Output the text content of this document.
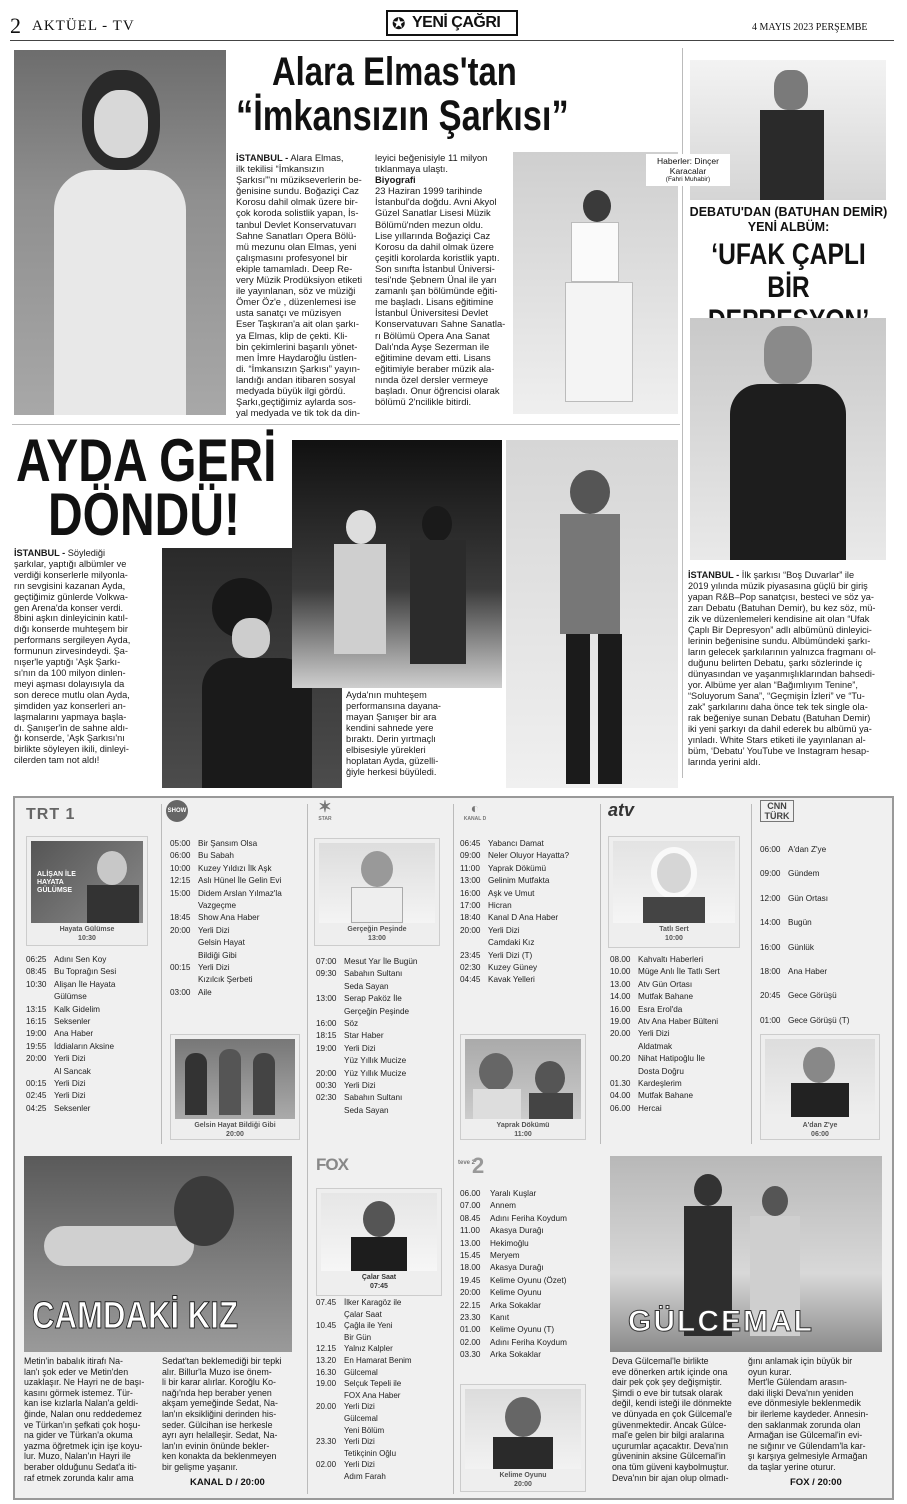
2 AKTÜEL - TV	✪ YENİ ÇAĞRI	4 MAYIS 2023 PERŞEMBE
Alara Elmas'tan
“İmkansızın Şarkısı”
İSTANBUL - Alara Elmas,
ilk tekilisi “İmkansızın
Şarkısı”'nı müzikseverlerin be-
ğenisine sundu. Boğaziçi Caz
Korosu dahil olmak üzere bir-
çok koroda solistlik yapan, İs-
tanbul Devlet Konservatuvarı
Sahne Sanatları Opera Bölü-
mü mezunu olan Elmas, yeni
çalışmasını profesyonel bir
ekiple tamamladı. Deep Re-
very Müzik Prodüksiyon etiketi
ile yayınlanan, söz ve müziği
Ömer Öz'e , düzenlemesi ise
usta sanatçı ve müzisyen
Eser Taşkıran'a ait olan şarkı-
ya Elmas, klip de çekti. Kli-
bin çekimlerini başarılı yönet-
men İmre Haydaroğlu üstlen-
di. “İmkansızın Şarkısı” yayın-
landığı andan itibaren sosyal
medyada büyük ilgi gördü.
Şarkı,geçtiğimiz aylarda sos-
yal medyada ve tik tok da din-
leyici beğenisiyle 11 milyon
tıklanmaya ulaştı.
Biyografi
23 Haziran 1999 tarihinde
İstanbul'da doğdu. Avni Akyol
Güzel Sanatlar Lisesi Müzik
Bölümü'nden mezun oldu.
Lise yıllarında Boğaziçi Caz
Korosu da dahil olmak üzere
çeşitli korolarda koristlik yaptı.
Son sınıfta İstanbul Üniversi-
tesi'nde Şebnem Ünal ile yarı
zamanlı şan bölümünde eğiti-
me başladı. Lisans eğitimine
İstanbul Üniversitesi Devlet
Konservatuvarı Sahne Sanatla-
rı Bölümü Opera Ana Sanat
Dalı'nda Ayşe Sezerman ile
eğitimine devam etti. Lisans
eğitimiyle beraber müzik ala-
nında özel dersler vermeye
başladı. Onur öğrencisi olarak
bölümü 2'ncilikle bitirdi.
Haberler: Dinçer
Karacalar
(Fahri Muhabir)
DEBATU'DAN (BATUHAN DEMİR)
YENİ ALBÜM:
‘UFAK ÇAPLI BİR
İSTANBUL - İlk şarkısı “Boş Duvarlar” ile
2019 yılında müzik piyasasına güçlü bir giriş
yapan R&B–Pop sanatçısı, besteci ve söz ya-
zarı Debatu (Batuhan Demir), bu kez söz, mü-
zik ve düzenlemeleri kendisine ait olan “Ufak
Çaplı Bir Depresyon” adlı albümünü dinleyici-
lerinin beğenisine sundu. Albümündeki şarkı-
ların gelecek şarkılarının yalnızca fragmanı ol-
duğunu belirten Debatu, şarkı sözlerinde iç
dünyasından ve yaşanmışlıklarından bahsedi-
yor. Albüme yer alan “Bağımlıyım Tenine”,
“Soluyorum Sana”, “Geçmişin İzleri” ve “Tu-
zak” şarkılarını daha önce tek tek single ola-
rak beğeniye sunan Debatu (Batuhan Demir)
iki yeni şarkıyı da dahil ederek bu albümü ya-
yınladı. White Stars etiketi ile yayınlanan al-
büm, ‘Debatu’ YouTube ve Instagram hesap-
larında yerini aldı.
AYDA GERİ
DÖNDÜ!
İSTANBUL - Söylediği
şarkılar, yaptığı albümler ve
verdiği konserlerle milyonla-
rın sevgisini kazanan Ayda,
geçtiğimiz günlerde Volkwa-
gen Arena'da konser verdi.
8bini aşkın dinleyicinin katıl-
dığı konserde muhteşem bir
performans sergileyen Ayda,
formunun zirvesindeydi. Şa-
nışer'le yaptığı 'Aşk Şarkı-
sı'nın da 100 milyon dinlen-
meyi aşması dolayısıyla da
son derece mutlu olan Ayda,
şimdiden yaz konserleri an-
laşmalarını yapmaya başla-
dı. Şanışer'in de sahne aldı-
ğı konserde, 'Aşk Şarkısı'nı
birlikte söyleyen ikili, dinleyi-
cilerden tam not aldı!
Ayda'nın muhteşem
performansına dayana-
mayan Şanışer bir ara
kendini sahnede yere
bıraktı. Derin yırtmaçlı
elbisesiyle yürekleri
hoplatan Ayda, güzelli-
ğiyle herkesi büyüledi.
TRT 1	SHOW	✶
STAR
◐
KANAL D	atv	CNN TÜRK
ALİŞAN İLE HAYATA GÜLÜMSE
Hayata Gülümse
10:30
06:25 Adını Sen Koy
08:45 Bu Toprağın Sesi
10:30 Alişan İle Hayata
Gülümse
13:15 Kalk Gidelim
16:15 Seksenler
19:00 Ana Haber
19:55 İddiaların Aksine
20:00 Yerli Dizi
Al Sancak
00:15 Yerli Dizi
02:45 Yerli Dizi
04:25 Seksenler
05:00 Bir Şansım Olsa
06:00 Bu Sabah
10:00 Kuzey Yıldızı İlk Aşk
12:15 Aslı Hünel İle Gelin Evi
15:00 Didem Arslan Yılmaz'la
Vazgeçme
18:45 Show Ana Haber
20:00 Yerli Dizi
Gelsin Hayat
Bildiği Gibi
00:15 Yerli Dizi
Kızılcık Şerbeti
03:00 Aile
Gelsin Hayat Bildiği Gibi
20:00
Gerçeğin Peşinde
13:00
07:00 Mesut Yar İle Bugün
09:30 Sabahın Sultanı
Seda Sayan
13:00 Serap Paköz İle
Gerçeğin Peşinde
16:00 Söz
18:15 Star Haber
19:00 Yerli Dizi
Yüz Yıllık Mucize
20:00 Yüz Yıllık Mucize
00:30 Yerli Dizi
02:30 Sabahın Sultanı
Seda Sayan
06:45 Yabancı Damat
09:00 Neler Oluyor Hayatta?
11:00 Yaprak Dökümü
13:00 Gelinim Mutfakta
16:00 Aşk ve Umut
17:00 Hicran
18:40 Kanal D Ana Haber
20:00 Yerli Dizi
Camdaki Kız
23:45 Yerli Dizi (T)
02:30 Kuzey Güney
04:45 Kavak Yelleri
Yaprak Dökümü
11:00
Tatlı Sert
10:00
08.00 Kahvaltı Haberleri
10.00 Müge Anlı İle Tatlı Sert
13.00 Atv Gün Ortası
14.00 Mutfak Bahane
16.00 Esra Erol'da
19.00 Atv Ana Haber Bülteni
20.00 Yerli Dizi
Aldatmak
00.20 Nihat Hatipoğlu İle
Dosta Doğru
01.30 Kardeşlerim
04.00 Mutfak Bahane
06.00 Hercai
06:00 A'dan Z'ye
09:00 Gündem
12:00 Gün Ortası
14:00 Bugün
16:00 Günlük
18:00 Ana Haber
20:45 Gece Görüşü
01:00 Gece Görüşü (T)
A'dan Z'ye
06:00
CAMDAKİ KIZ
Metin'in babalık itirafı Na-
lan'ı şok eder ve Metin'den
uzaklaşır. Ne Hayri ne de başı-
kasını görmek istemez. Tür-
kan ise kızlarla Nalan'a geldi-
ğinde, Nalan onu reddedemez
ve Türkan'ın şefkati çok hoşu-
na gider ve Türkan'a okuma
yazma öğretmek için işe koyu-
lur. Muzo, Nalan'ın Hayri ile
beraber olduğunu Sedat'a iti-
raf etmek zorunda kalır ama
Sedat'tan beklemediği bir tepki
alır. Billur'la Muzo ise önem-
li bir karar alırlar. Koroğlu Ko-
nağı'nda hep beraber yenen
akşam yemeğinde Sedat, Na-
lan'ın eksikliğini derinden his-
seder. Gülcihan ise herkesle
ayrı ayrı helalleşir. Sedat, Na-
lan'ın evinin önünde bekler-
ken konakta da beklenmeyen
bir gelişme yaşanır.
KANAL D / 20:00
FOX
Çalar Saat
07:45
07.45 İlker Karagöz ile
Çalar Saat
10.45 Çağla ile Yeni
Bir Gün
12.15 Yalnız Kalpler
13.20 En Hamarat Benim
16.30 Gülcemal
19.00 Selçuk Tepeli ile
FOX Ana Haber
20.00 Yerli Dizi
Gülcemal
Yeni Bölüm
23.30 Yerli Dizi
Tetikçinin Oğlu
02.00 Yerli Dizi
Adım Farah
teve 2
2
06.00 Yaralı Kuşlar
07.00 Annem
08.45 Adını Feriha Koydum
11.00 Akasya Durağı
13.00 Hekimoğlu
15.45 Meryem
18.00 Akasya Durağı
19.45 Kelime Oyunu (Özet)
20:00 Kelime Oyunu
22.15 Arka Sokaklar
23.30 Kanıt
01.00 Kelime Oyunu (T)
02.00 Adını Feriha Koydum
03.30 Arka Sokaklar
Kelime Oyunu
20:00
GÜLCEMAL
Deva Gülcemal'le birlikte
eve dönerken artık içinde ona
dair pek çok şey değişmiştir.
Şimdi o eve bir tutsak olarak
değil, kendi isteği ile dönmekte
ve dünyada en çok Gülcemal'e
güvenmektedir. Ancak Gülce-
mal'e gelen bir bilgi aralarına
uçurumlar açacaktır. Deva'nın
güveninin aksine Gülcemal'in
ona tüm güveni kaybolmuştur.
Deva'nın bir ajan olup olmadı-
ğını anlamak için büyük bir
oyun kurar.
Mert'le Gülendam arasın-
daki ilişki Deva'nın yeniden
eve dönmesiyle beklenmedik
bir ilerleme kaydeder. Annesin-
den saklanmak zorunda olan
Armağan ise Gülcemal'in evi-
ne sığınır ve Gülendam'la kar-
şı karşıya gelmesiyle Armağan
da taşlar yerine oturur.
FOX / 20:00
